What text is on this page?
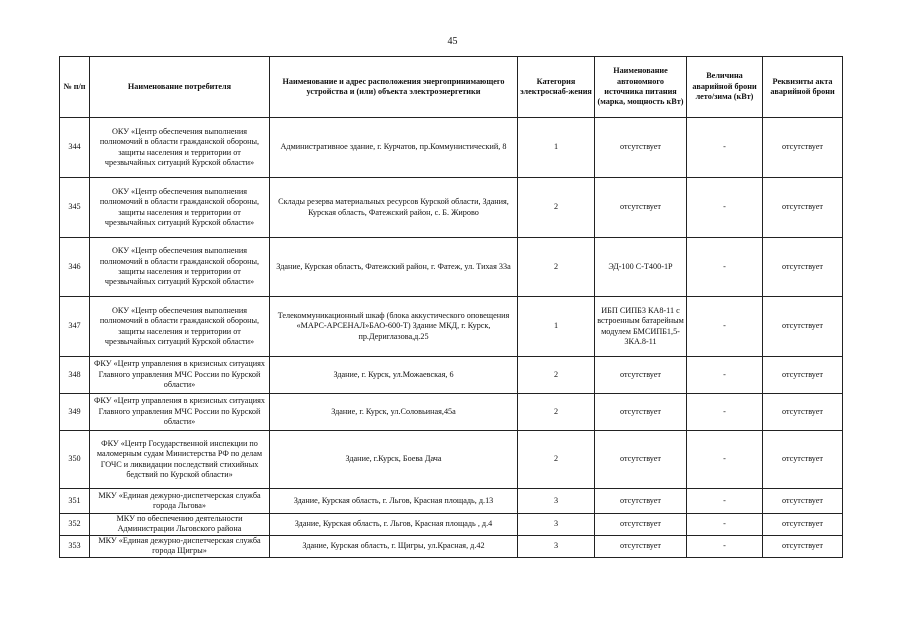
45
№ п/п	Наименование потребителя	Наименование и адрес расположения энергопринимающего устройства и (или) объекта электроэнергетики	Категория электроснаб-жения	Наименование автономного источника питания (марка, мощность кВт)	Величина аварийной брони лето/зима (кВт)	Реквизиты акта аварийной брони
344	ОКУ «Центр обеспечения выполнения полномочий в области гражданской обороны, защиты населения и территории от чрезвычайных ситуаций Курской области»	Административное здание, г. Курчатов, пр.Коммунистический, 8	1	отсутствует	-	отсутствует
345	ОКУ «Центр обеспечения выполнения полномочий в области гражданской обороны, защиты населения и территории от чрезвычайных ситуаций Курской области»	Склады резерва материальных ресурсов Курской области, Здания, Курская область, Фатежский район, с. Б. Жирово	2	отсутствует	-	отсутствует
346	ОКУ «Центр обеспечения выполнения полномочий в области гражданской обороны, защиты населения и территории от чрезвычайных ситуаций Курской области»	Здание, Курская область, Фатежский район, г. Фатеж, ул. Тихая 33а	2	ЭД-100 С-Т400-1Р	-	отсутствует
347	ОКУ «Центр обеспечения выполнения полномочий в области гражданской обороны, защиты населения и территории от чрезвычайных ситуаций Курской области»	Телекоммуникационный шкаф (блока аккустического оповещения «МАРС-АРСЕНАЛ»БАО-600-Т) Здание МКД, г. Курск, пр.Дериглазова,д.25	1	ИБП СИПБ3 КА8-11 с встроенным батарейным модулем БМСИПБ1,5-3КА.8-11	-	отсутствует
348	ФКУ «Центр управления в кризисных ситуациях Главного управления МЧС России по Курской области»	Здание, г. Курск, ул.Можаевская, 6	2	отсутствует	-	отсутствует
349	ФКУ «Центр управления в кризисных ситуациях Главного управления МЧС России по Курской области»	Здание, г. Курск, ул.Соловьиная,45а	2	отсутствует	-	отсутствует
350	ФКУ «Центр Государственной инспекции по маломерным судам Министерства РФ по делам ГОЧС и ликвидации последствий стихийных бедствий по Курской области»	Здание, г.Курск, Боева Дача	2	отсутствует	-	отсутствует
351	МКУ «Единая дежурно-диспетчерская служба города Льгова»	Здание, Курская область, г. Льгов, Красная площадь, д.13	3	отсутствует	-	отсутствует
352	МКУ по обеспечению деятельности Администрации Льговского района	Здание, Курская область, г. Льгов, Красная площадь , д.4	3	отсутствует	-	отсутствует
353	МКУ «Единая дежурно-диспетчерская служба города Щигры»	Здание, Курская область, г. Щигры, ул.Красная, д.42	3	отсутствует	-	отсутствует
